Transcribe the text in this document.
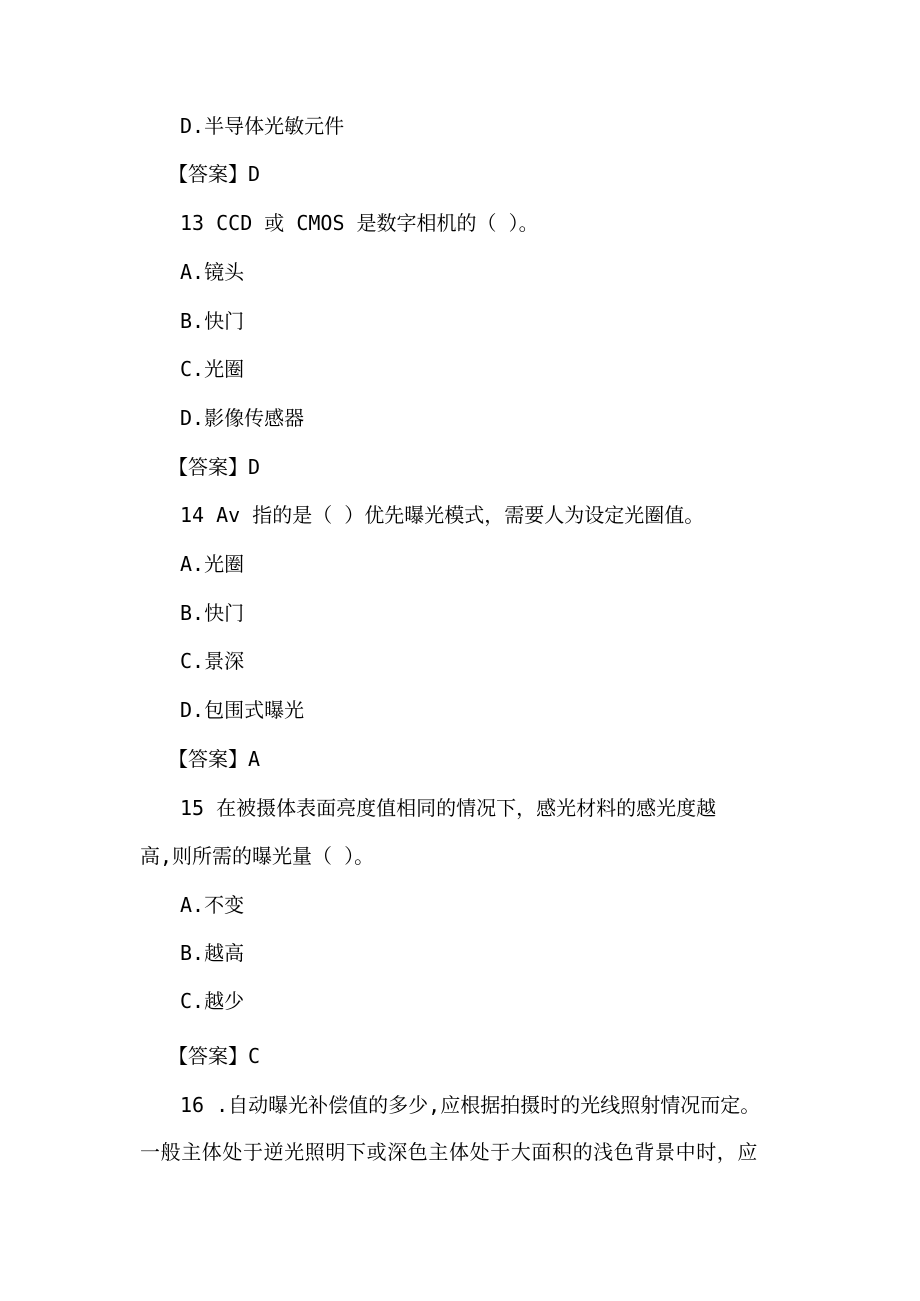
D.半导体光敏元件
【答案】D
13 CCD 或 CMOS 是数字相机的（ ）。
A.镜头
B.快门
C.光圈
D.影像传感器
【答案】D
14 Av 指的是（ ）优先曝光模式，需要人为设定光圈值。
A.光圈
B.快门
C.景深
D.包围式曝光
【答案】A
15 在被摄体表面亮度值相同的情况下，感光材料的感光度越
高,则所需的曝光量（ ）。
A.不变
B.越高
C.越少
【答案】C
16 .自动曝光补偿值的多少,应根据拍摄时的光线照射情况而定。
一般主体处于逆光照明下或深色主体处于大面积的浅色背景中时，应
